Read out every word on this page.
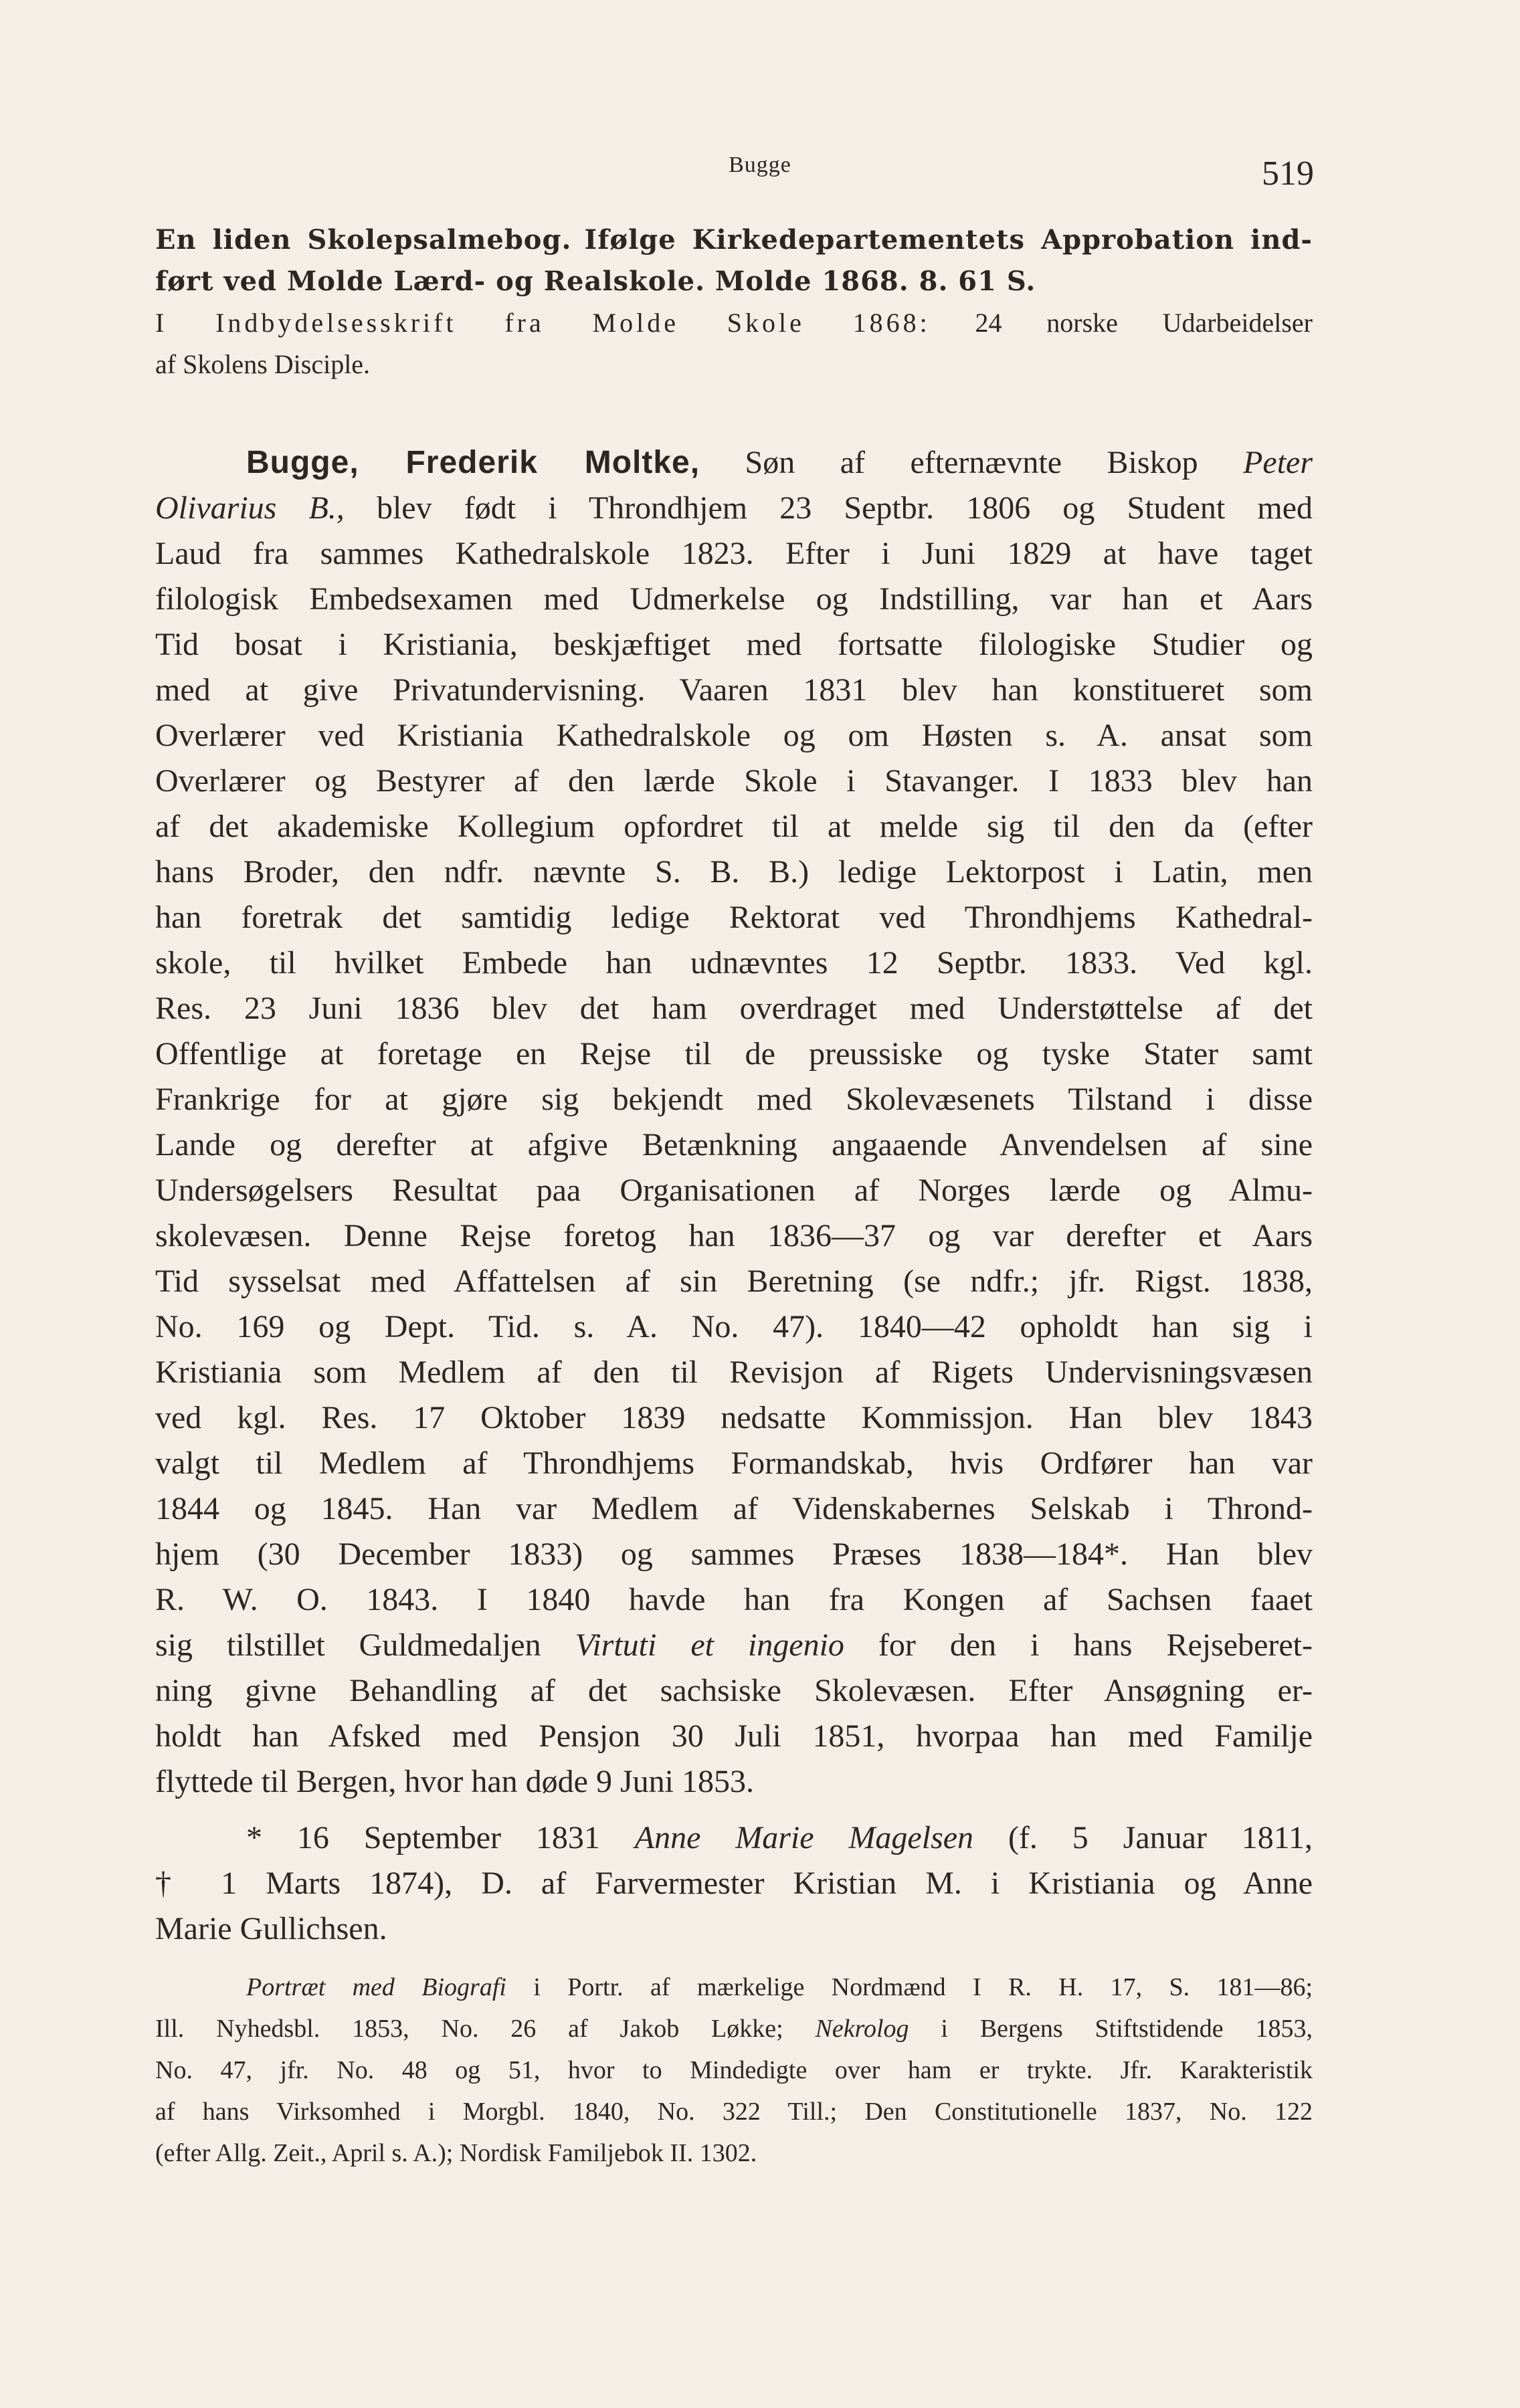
Bugge	519
En liden Skolepsalmebog. Ifølge Kirkedepartementets Approbation ind-
ført ved Molde Lærd- og Realskole. Molde 1868. 8. 61 S.
I Indbydelsesskrift fra Molde Skole 1868: 24 norske Udarbeidelser
af Skolens Disciple.
Bugge, Frederik Moltke, Søn af efternævnte Biskop Peter
Olivarius B., blev født i Throndhjem 23 Septbr. 1806 og Student med
Laud fra sammes Kathedralskole 1823. Efter i Juni 1829 at have taget
filologisk Embedsexamen med Udmerkelse og Indstilling, var han et Aars
Tid bosat i Kristiania, beskjæftiget med fortsatte filologiske Studier og
med at give Privatundervisning. Vaaren 1831 blev han konstitueret som
Overlærer ved Kristiania Kathedralskole og om Høsten s. A. ansat som
Overlærer og Bestyrer af den lærde Skole i Stavanger. I 1833 blev han
af det akademiske Kollegium opfordret til at melde sig til den da (efter
hans Broder, den ndfr. nævnte S. B. B.) ledige Lektorpost i Latin, men
han foretrak det samtidig ledige Rektorat ved Throndhjems Kathedral-
skole, til hvilket Embede han udnævntes 12 Septbr. 1833. Ved kgl.
Res. 23 Juni 1836 blev det ham overdraget med Understøttelse af det
Offentlige at foretage en Rejse til de preussiske og tyske Stater samt
Frankrige for at gjøre sig bekjendt med Skolevæsenets Tilstand i disse
Lande og derefter at afgive Betænkning angaaende Anvendelsen af sine
Undersøgelsers Resultat paa Organisationen af Norges lærde og Almu-
skolevæsen. Denne Rejse foretog han 1836—37 og var derefter et Aars
Tid sysselsat med Affattelsen af sin Beretning (se ndfr.; jfr. Rigst. 1838,
No. 169 og Dept. Tid. s. A. No. 47). 1840—42 opholdt han sig i
Kristiania som Medlem af den til Revisjon af Rigets Undervisningsvæsen
ved kgl. Res. 17 Oktober 1839 nedsatte Kommissjon. Han blev 1843
valgt til Medlem af Throndhjems Formandskab, hvis Ordfører han var
1844 og 1845. Han var Medlem af Videnskabernes Selskab i Thrond-
hjem (30 December 1833) og sammes Præses 1838—184*. Han blev
R. W. O. 1843. I 1840 havde han fra Kongen af Sachsen faaet
sig tilstillet Guldmedaljen Virtuti et ingenio for den i hans Rejseberet-
ning givne Behandling af det sachsiske Skolevæsen. Efter Ansøgning er-
holdt han Afsked med Pensjon 30 Juli 1851, hvorpaa han med Familje
flyttede til Bergen, hvor han døde 9 Juni 1853.
* 16 September 1831 Anne Marie Magelsen (f. 5 Januar 1811,
† 1 Marts 1874), D. af Farvermester Kristian M. i Kristiania og Anne
Marie Gullichsen.
Portræt med Biografi i Portr. af mærkelige Nordmænd I R. H. 17, S. 181—86;
Ill. Nyhedsbl. 1853, No. 26 af Jakob Løkke; Nekrolog i Bergens Stiftstidende 1853,
No. 47, jfr. No. 48 og 51, hvor to Mindedigte over ham er trykte. Jfr. Karakteristik
af hans Virksomhed i Morgbl. 1840, No. 322 Till.; Den Constitutionelle 1837, No. 122
(efter Allg. Zeit., April s. A.); Nordisk Familjebok II. 1302.
